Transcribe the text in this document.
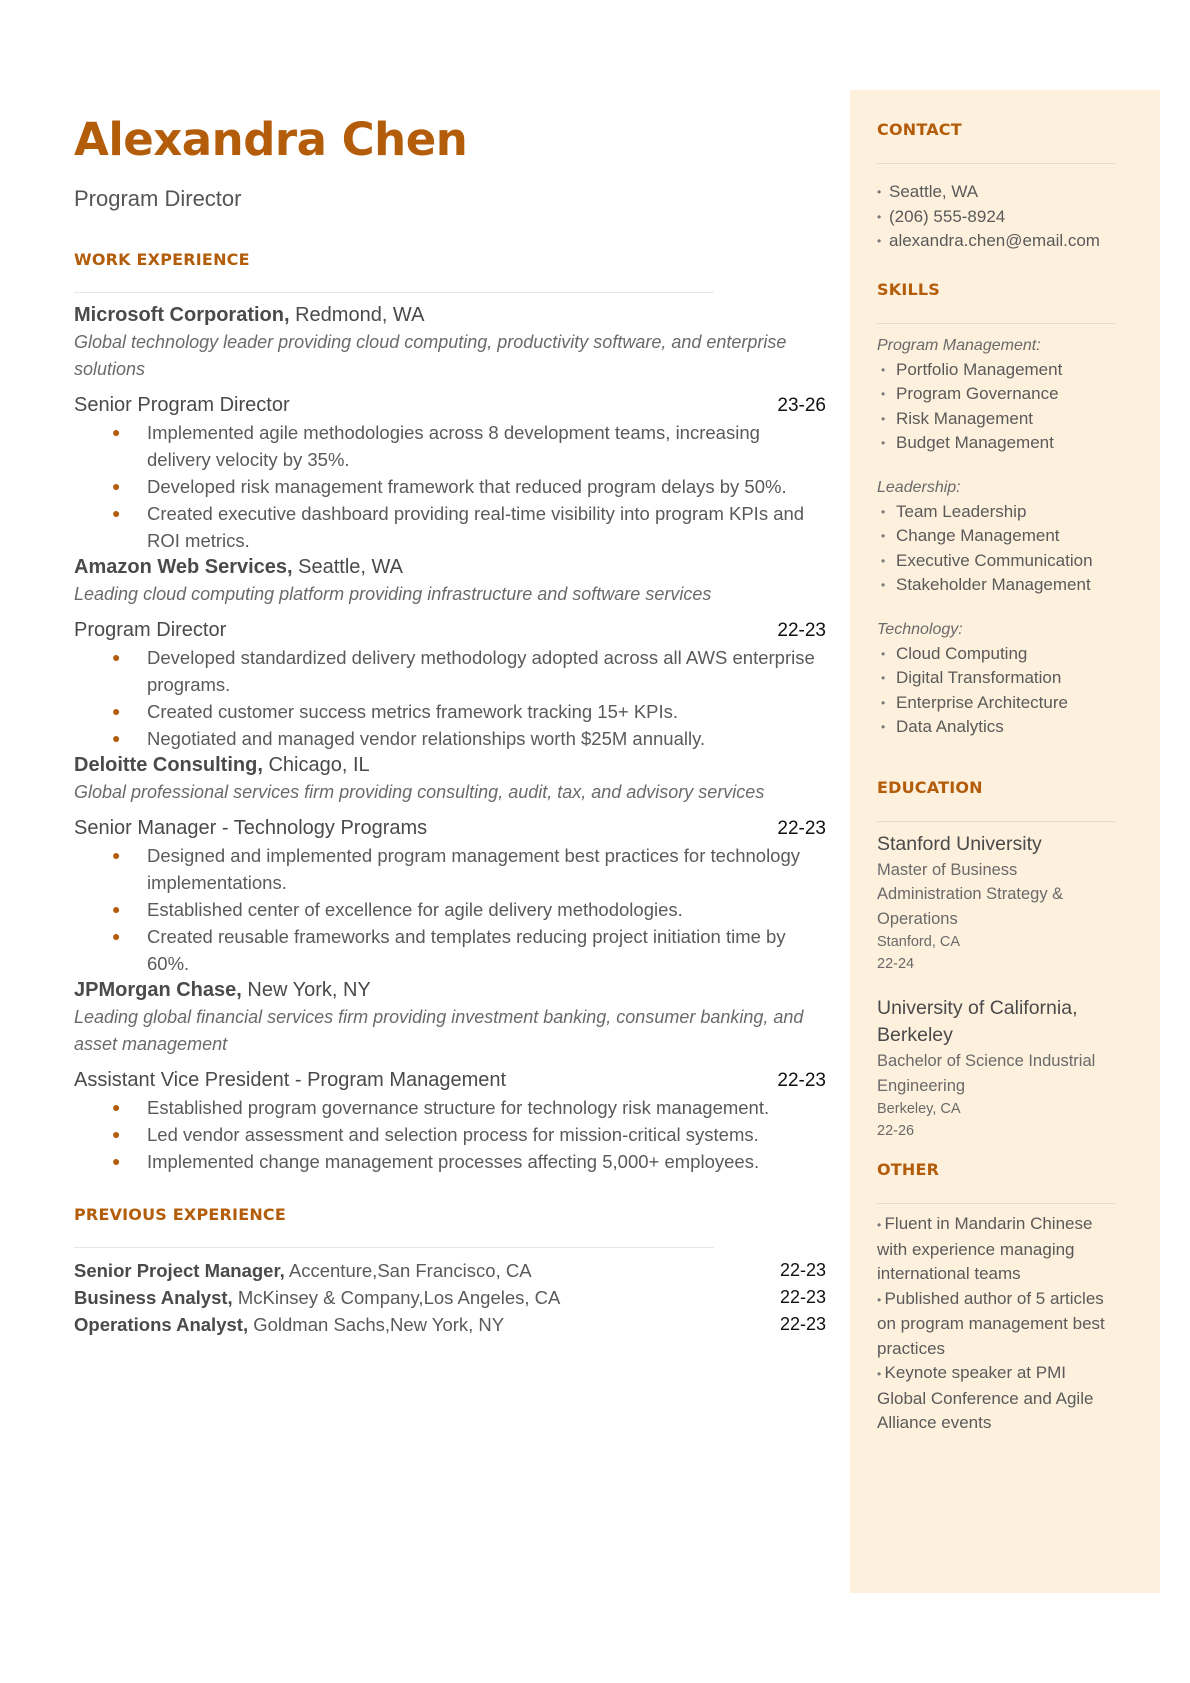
Alexandra Chen
Program Director
WORK EXPERIENCE
Microsoft Corporation, Redmond, WA
Global technology leader providing cloud computing, productivity software, and enterprise solutions
Senior Program Director	23-26
● Implemented agile methodologies across 8 development teams, increasing delivery velocity by 35%.
● Developed risk management framework that reduced program delays by 50%.
● Created executive dashboard providing real-time visibility into program KPIs and ROI metrics.
Amazon Web Services, Seattle, WA
Leading cloud computing platform providing infrastructure and software services
Program Director	22-23
● Developed standardized delivery methodology adopted across all AWS enterprise programs.
● Created customer success metrics framework tracking 15+ KPIs.
● Negotiated and managed vendor relationships worth $25M annually.
Deloitte Consulting, Chicago, IL
Global professional services firm providing consulting, audit, tax, and advisory services
Senior Manager - Technology Programs	22-23
● Designed and implemented program management best practices for technology implementations.
● Established center of excellence for agile delivery methodologies.
● Created reusable frameworks and templates reducing project initiation time by 60%.
JPMorgan Chase, New York, NY
Leading global financial services firm providing investment banking, consumer banking, and asset management
Assistant Vice President - Program Management	22-23
● Established program governance structure for technology risk management.
● Led vendor assessment and selection process for mission-critical systems.
● Implemented change management processes affecting 5,000+ employees.
PREVIOUS EXPERIENCE
Senior Project Manager, Accenture,San Francisco, CA	22-23
Business Analyst, McKinsey & Company,Los Angeles, CA	22-23
Operations Analyst, Goldman Sachs,New York, NY	22-23
CONTACT
• Seattle, WA
• (206) 555-8924
• alexandra.chen@email.com
SKILLS
Program Management:
• Portfolio Management
• Program Governance
• Risk Management
• Budget Management
Leadership:
• Team Leadership
• Change Management
• Executive Communication
• Stakeholder Management
Technology:
• Cloud Computing
• Digital Transformation
• Enterprise Architecture
• Data Analytics
EDUCATION
Stanford University
Master of Business Administration Strategy & Operations
Stanford, CA
22-24
University of California, Berkeley
Bachelor of Science Industrial Engineering
Berkeley, CA
22-26
OTHER
• Fluent in Mandarin Chinese with experience managing international teams
• Published author of 5 articles on program management best practices
• Keynote speaker at PMI Global Conference and Agile Alliance events
